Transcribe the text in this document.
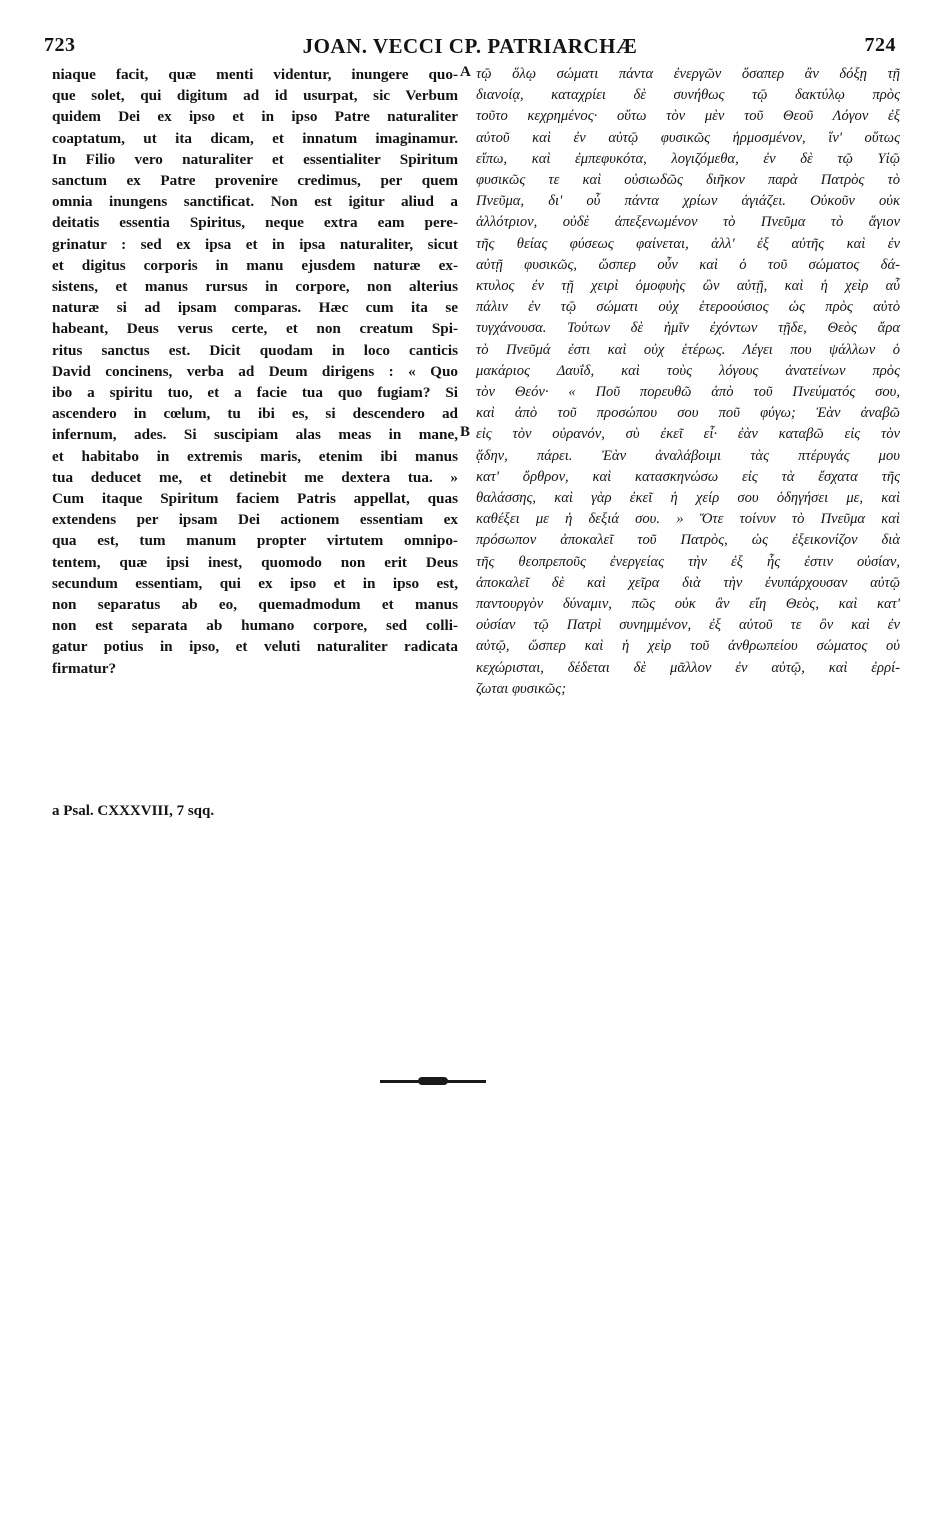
723	JOAN. VECCI CP. PATRIARCHÆ	724
niaque facit, quæ menti videntur, inungere quo-
que solet, qui digitum ad id usurpat, sic Verbum
quidem Dei ex ipso et in ipso Patre naturaliter
coaptatum, ut ita dicam, et innatum imaginamur.
In Filio vero naturaliter et essentialiter Spiritum
sanctum ex Patre provenire credimus, per quem
omnia inungens sanctificat. Non est igitur aliud a
deitatis essentia Spiritus, neque extra eam pere-
grinatur : sed ex ipsa et in ipsa naturaliter, sicut
et digitus corporis in manu ejusdem naturæ ex-
sistens, et manus rursus in corpore, non alterius
naturæ si ad ipsam comparas. Hæc cum ita se
habeant, Deus verus certe, et non creatum Spi-
ritus sanctus est. Dicit quodam in loco canticis
David concinens, verba ad Deum dirigens : « Quo
ibo a spiritu tuo, et a facie tua quo fugiam? Si
ascendero in cœlum, tu ibi es, si descendero ad
infernum, ades. Si suscipiam alas meas in mane,
et habitabo in extremis maris, etenim ibi manus
tua deducet me, et detinebit me dextera tua. »
Cum itaque Spiritum faciem Patris appellat, quas
extendens per ipsam Dei actionem essentiam ex
qua est, tum manum propter virtutem omnipo-
tentem, quæ ipsi inest, quomodo non erit Deus
secundum essentiam, qui ex ipso et in ipso est,
non separatus ab eo, quemadmodum et manus
non est separata ab humano corpore, sed colli-
gatur potius in ipso, et veluti naturaliter radicata
firmatur?
τῷ ὅλῳ σώματι πάντα ἐνεργῶν ὅσαπερ ἂν δόξῃ τῇ
διανοίᾳ, καταχρίει δὲ συνήθως τῷ δακτύλῳ πρὸς
τοῦτο κεχρημένος· οὕτω τὸν μὲν τοῦ Θεοῦ Λόγον ἐξ
αὐτοῦ καὶ ἐν αὐτῷ φυσικῶς ἡρμοσμένον, ἵν' οὕτως
εἴπω, καὶ ἐμπεφυκότα, λογιζόμεθα, ἐν δὲ τῷ Υἱῷ
φυσικῶς τε καὶ οὐσιωδῶς διῆκον παρὰ Πατρὸς τὸ
Πνεῦμα, δι' οὗ πάντα χρίων ἁγιάζει. Οὐκοῦν οὐκ
ἀλλότριον, οὐδὲ ἀπεξενωμένον τὸ Πνεῦμα τὸ ἅγιον
τῆς θείας φύσεως φαίνεται, ἀλλ' ἐξ αὐτῆς καὶ ἐν
αὐτῇ φυσικῶς, ὥσπερ οὖν καὶ ὁ τοῦ σώματος δά-
κτυλος ἐν τῇ χειρὶ ὁμοφυὴς ὢν αὐτῇ, καὶ ἡ χεὶρ αὖ
πάλιν ἐν τῷ σώματι οὐχ ἑτεροούσιος ὡς πρὸς αὐτὸ
τυγχάνουσα. Τούτων δὲ ἡμῖν ἐχόντων τῇδε, Θεὸς ἄρα
τὸ Πνεῦμά ἐστι καὶ οὐχ ἑτέρως. Λέγει που ψάλλων ὁ
μακάριος Δαυΐδ, καὶ τοὺς λόγους ἀνατείνων πρὸς
τὸν Θεόν· « Ποῦ πορευθῶ ἀπὸ τοῦ Πνεύματός σου,
καὶ ἀπὸ τοῦ προσώπου σου ποῦ φύγω; Ἐὰν ἀναβῶ
εἰς τὸν οὐρανόν, σὺ ἐκεῖ εἶ· ἐὰν καταβῶ εἰς τὸν
ᾅδην, πάρει. Ἐὰν ἀναλάβοιμι τὰς πτέρυγάς μου
κατ' ὄρθρον, καὶ κατασκηνώσω εἰς τὰ ἔσχατα τῆς
θαλάσσης, καὶ γὰρ ἐκεῖ ἡ χείρ σου ὁδηγήσει με, καὶ
καθέξει με ἡ δεξιά σου. » Ὅτε τοίνυν τὸ Πνεῦμα καὶ
πρόσωπον ἀποκαλεῖ τοῦ Πατρὸς, ὡς ἐξεικονίζον διὰ
τῆς θεοπρεποῦς ἐνεργείας τὴν ἐξ ἧς ἐστιν οὐσίαν,
ἀποκαλεῖ δὲ καὶ χεῖρα διὰ τὴν ἐνυπάρχουσαν αὐτῷ
παντουργὸν δύναμιν, πῶς οὐκ ἂν εἴη Θεὸς, καὶ κατ'
οὐσίαν τῷ Πατρὶ συνημμένον, ἐξ αὐτοῦ τε ὂν καὶ ἐν
αὐτῷ, ὥσπερ καὶ ἡ χεὶρ τοῦ ἀνθρωπείου σώματος οὐ
κεχώρισται, δέδεται δὲ μᾶλλον ἐν αὐτῷ, καὶ ἐρρί-
ζωται φυσικῶς;
A
B
a Psal. CXXXVIII, 7 sqq.
